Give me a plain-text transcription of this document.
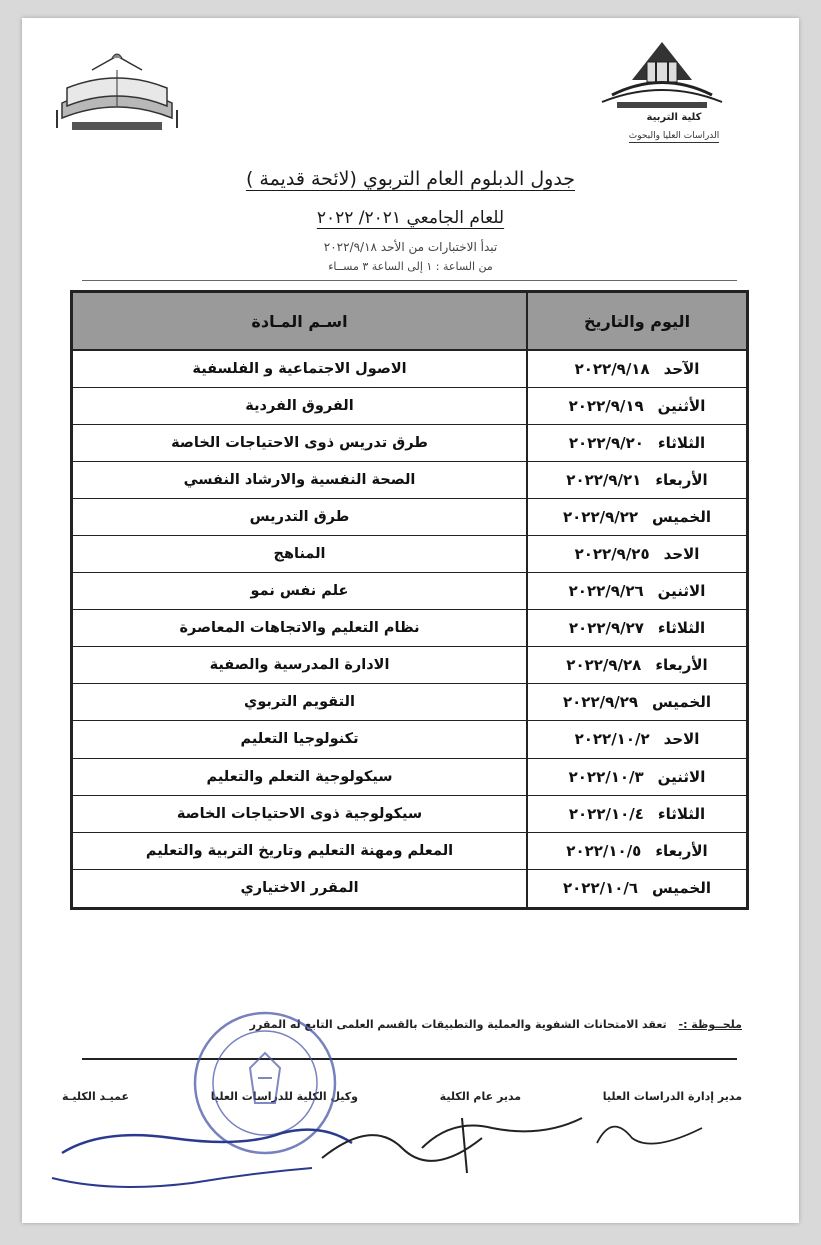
كلية التربية
الدراسات العليا والبحوث
جدول الدبلوم العام التربوي (لائحة قديمة )
للعام الجامعي ٢٠٢١/ ٢٠٢٢
تبدأ الاختبارات من الأحد ٢٠٢٢/٩/١٨
من الساعة : ١ إلى الساعة ٣ مســاء
اليوم والتاريخ
اسـم المـادة
الآحد
٢٠٢٢/٩/١٨
الاصول الاجتماعية و الفلسفية
الأثنين
٢٠٢٢/٩/١٩
الفروق الفردية
الثلاثاء
٢٠٢٢/٩/٢٠
طرق تدريس ذوى الاحتياجات الخاصة
الأربعاء
٢٠٢٢/٩/٢١
الصحة النفسية والارشاد النفسي
الخميس
٢٠٢٢/٩/٢٢
طرق التدريس
الاحد
٢٠٢٢/٩/٢٥
المناهج
الاثنين
٢٠٢٢/٩/٢٦
علم نفس نمو
الثلاثاء
٢٠٢٢/٩/٢٧
نظام التعليم والاتجاهات المعاصرة
الأربعاء
٢٠٢٢/٩/٢٨
الادارة المدرسية والصفية
الخميس
٢٠٢٢/٩/٢٩
التقويم التربوي
الاحد
٢٠٢٢/١٠/٢
تكنولوجيا التعليم
الاثنين
٢٠٢٢/١٠/٣
سيكولوجية التعلم والتعليم
الثلاثاء
٢٠٢٢/١٠/٤
سيكولوجية ذوى الاحتياجات الخاصة
الأربعاء
٢٠٢٢/١٠/٥
المعلم ومهنة التعليم وتاريخ التربية والتعليم
الخميس
٢٠٢٢/١٠/٦
المقرر الاختياري
ملحــوظة :- تعقد الامتحانات الشفوية والعملية والتطبيقات بالقسم العلمى التابع له المقرر
مدير إدارة الدراسات العليا
مدير عام الكلية
وكيل الكلية للدراسات العليا
عميـد الكليـة
